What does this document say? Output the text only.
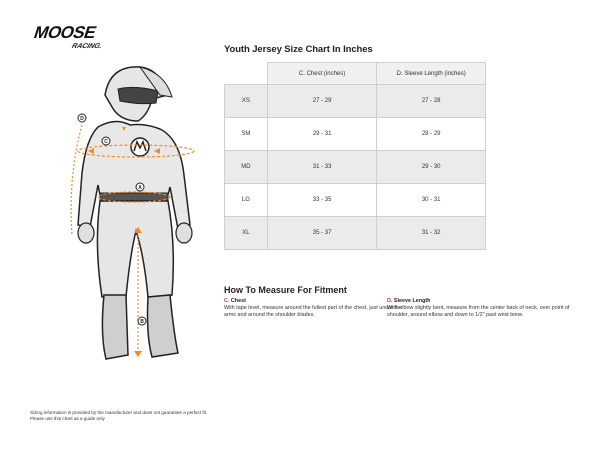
MOOSE
RACING.
D
C
A
B
Youth Jersey Size Chart In Inches
	C. Chest (inches)	D. Sleeve Length (inches)
XS	27 - 29	27 - 28
SM	29 - 31	28 - 29
MD	31 - 33	29 - 30
LG	33 - 35	30 - 31
XL	35 - 37	31 - 32
How To Measure For Fitment
C. Chest
With tape level, measure around the fullest part of the chest, just under the arms and around the shoulder blades.
D. Sleeve Length
With elbow slightly bent, measure from the center back of neck, over point of shoulder, around elbow and down to 1/2" past wrist bone.
Sizing information is provided by the manufacturer and does not guarantee a perfect fit.
Please use this chart as a guide only
